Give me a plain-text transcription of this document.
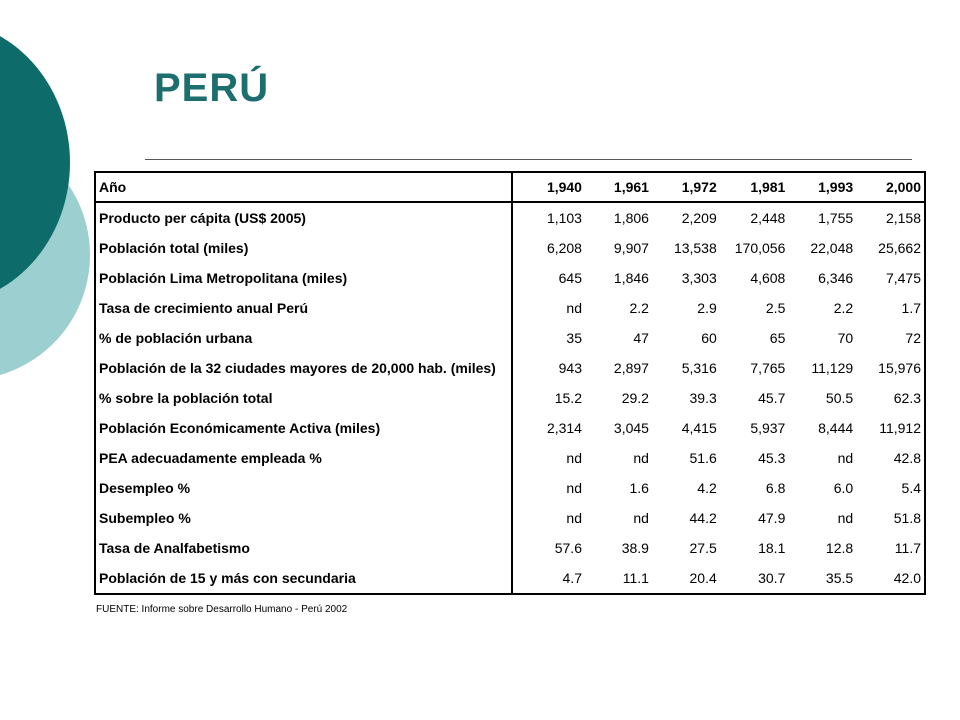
PERÚ
Año	1,940	1,961	1,972	1,981	1,993	2,000
Producto per cápita (US$ 2005)	1,103	1,806	2,209	2,448	1,755	2,158
Población total (miles)	6,208	9,907	13,538	170,056	22,048	25,662
Población Lima Metropolitana (miles)	645	1,846	3,303	4,608	6,346	7,475
Tasa de crecimiento anual Perú	nd	2.2	2.9	2.5	2.2	1.7
% de población urbana	35	47	60	65	70	72
Población de la 32 ciudades mayores de 20,000 hab. (miles)	943	2,897	5,316	7,765	11,129	15,976
% sobre la población total	15.2	29.2	39.3	45.7	50.5	62.3
Población Económicamente Activa (miles)	2,314	3,045	4,415	5,937	8,444	11,912
PEA adecuadamente empleada %	nd	nd	51.6	45.3	nd	42.8
Desempleo %	nd	1.6	4.2	6.8	6.0	5.4
Subempleo %	nd	nd	44.2	47.9	nd	51.8
Tasa de Analfabetismo	57.6	38.9	27.5	18.1	12.8	11.7
Población de 15 y más con secundaria	4.7	11.1	20.4	30.7	35.5	42.0
FUENTE: Informe sobre Desarrollo Humano - Perú 2002
